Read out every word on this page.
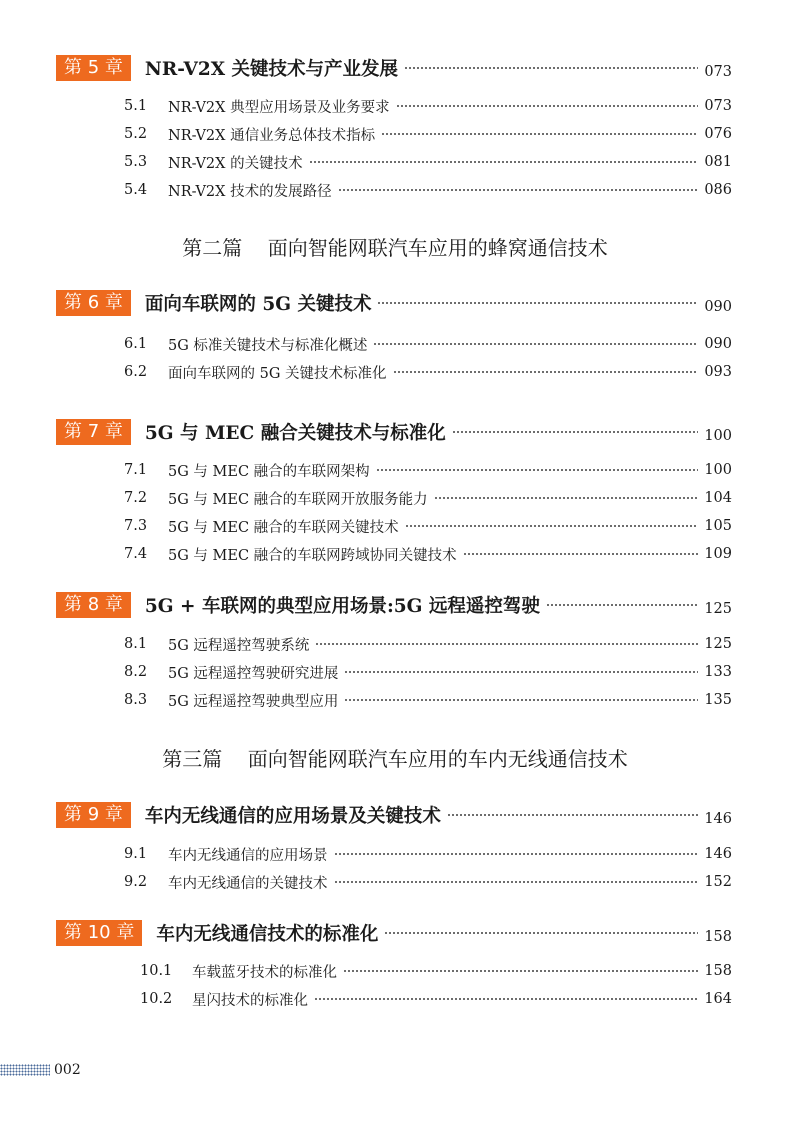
第 5 章	NR-V2X 关键技术与产业发展	073
5.1	NR-V2X 典型应用场景及业务要求	073
5.2	NR-V2X 通信业务总体技术指标	076
5.3	NR-V2X 的关键技术	081
5.4	NR-V2X 技术的发展路径	086
第二篇    面向智能网联汽车应用的蜂窝通信技术
第 6 章	面向车联网的 5G 关键技术	090
6.1	5G 标准关键技术与标准化概述	090
6.2	面向车联网的 5G 关键技术标准化	093
第 7 章	5G 与 MEC 融合关键技术与标准化	100
7.1	5G 与 MEC 融合的车联网架构	100
7.2	5G 与 MEC 融合的车联网开放服务能力	104
7.3	5G 与 MEC 融合的车联网关键技术	105
7.4	5G 与 MEC 融合的车联网跨域协同关键技术	109
第 8 章	5G + 车联网的典型应用场景:5G 远程遥控驾驶	125
8.1	5G 远程遥控驾驶系统	125
8.2	5G 远程遥控驾驶研究进展	133
8.3	5G 远程遥控驾驶典型应用	135
第三篇    面向智能网联汽车应用的车内无线通信技术
第 9 章	车内无线通信的应用场景及关键技术	146
9.1	车内无线通信的应用场景	146
9.2	车内无线通信的关键技术	152
第 10 章	车内无线通信技术的标准化	158
10.1	车载蓝牙技术的标准化	158
10.2	星闪技术的标准化	164
002
